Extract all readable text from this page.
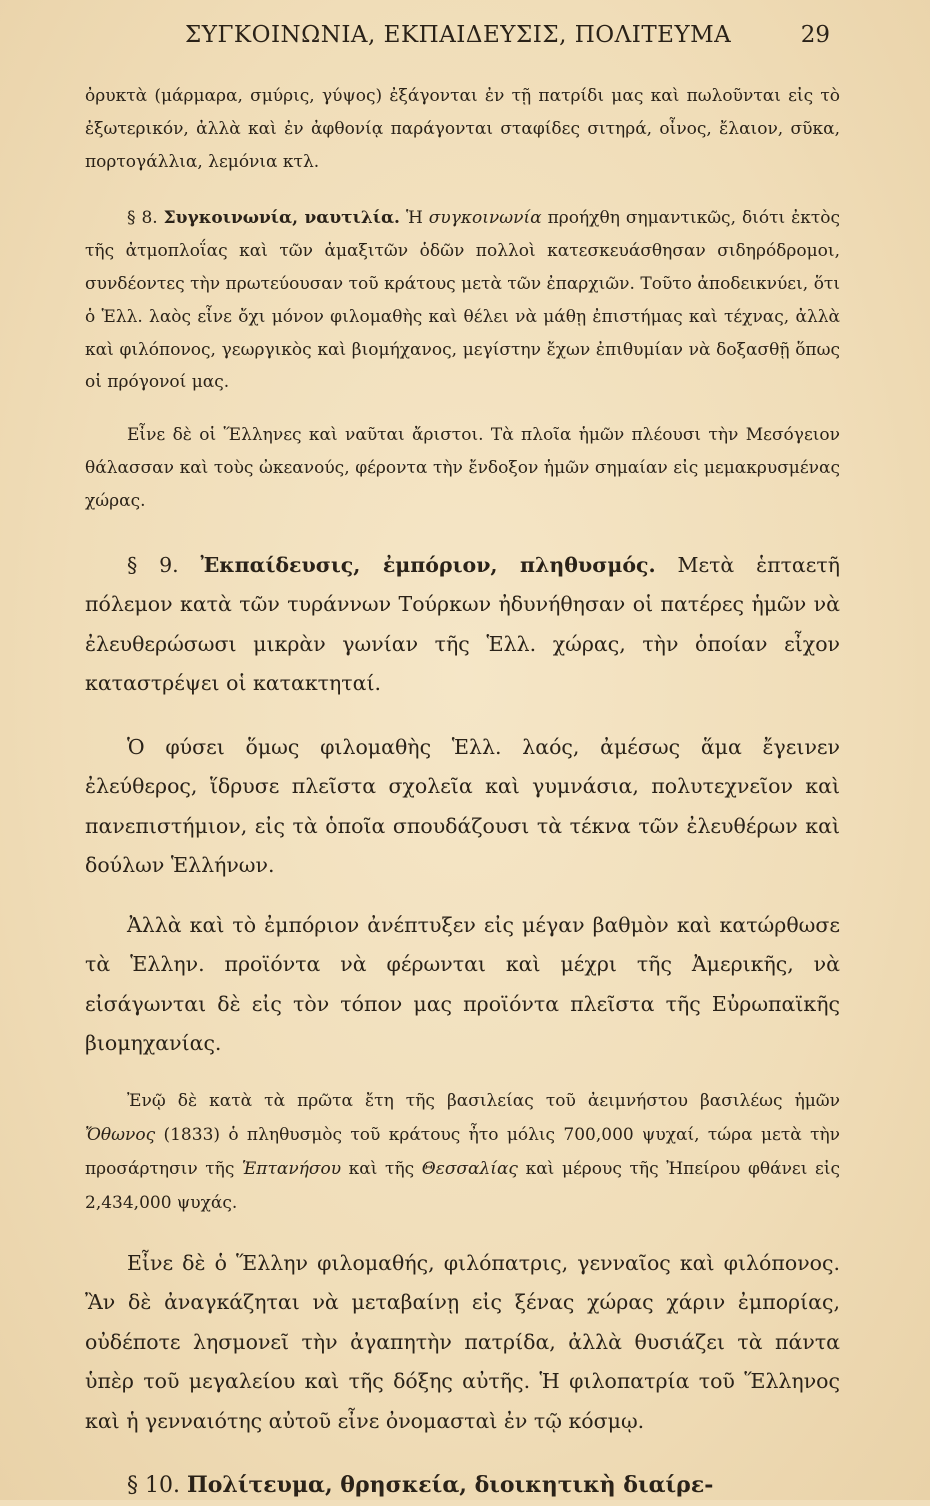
ΣΥΓΚΟΙΝΩΝΙΑ, ΕΚΠΑΙΔΕΥΣΙΣ, ΠΟΛΙΤΕΥΜΑ	29

ὀρυκτὰ (μάρμαρα, σμύρις, γύψος) ἐξάγονται ἐν τῇ πατρίδι μας καὶ πωλοῦνται εἰς τὸ ἐξωτερικόν, ἀλλὰ καὶ ἐν ἀφθονίᾳ παράγονται σταφίδες σιτηρά, οἶνος, ἔλαιον, σῦκα, πορτογάλλια, λεμόνια κτλ.

§ 8. Συγκοινωνία, ναυτιλία. Ἡ συγκοινωνία προήχθη σημαντικῶς, διότι ἐκτὸς τῆς ἀτμοπλοΐας καὶ τῶν ἁμαξιτῶν ὁδῶν πολλοὶ κατεσκευάσθησαν σιδηρόδρομοι, συνδέοντες τὴν πρωτεύουσαν τοῦ κράτους μετὰ τῶν ἐπαρχιῶν. Τοῦτο ἀποδεικνύει, ὅτι ὁ Ἑλλ. λαὸς εἶνε ὄχι μόνον φιλομαθὴς καὶ θέλει νὰ μάθῃ ἐπιστήμας καὶ τέχνας, ἀλλὰ καὶ φιλόπονος, γεωργικὸς καὶ βιομήχανος, μεγίστην ἔχων ἐπιθυμίαν νὰ δοξασθῇ ὅπως οἱ πρόγονοί μας.

Εἶνε δὲ οἱ Ἕλληνες καὶ ναῦται ἄριστοι. Τὰ πλοῖα ἡμῶν πλέουσι τὴν Μεσόγειον θάλασσαν καὶ τοὺς ὠκεανούς, φέροντα τὴν ἔνδοξον ἡμῶν σημαίαν εἰς μεμακρυσμένας χώρας.

§ 9. Ἐκπαίδευσις, ἐμπόριον, πληθυσμός. Μετὰ ἑπταετῆ πόλεμον κατὰ τῶν τυράννων Τούρκων ἠδυνήθησαν οἱ πατέρες ἡμῶν νὰ ἐλευθερώσωσι μικρὰν γωνίαν τῆς Ἑλλ. χώρας, τὴν ὁποίαν εἶχον καταστρέψει οἱ κατακτηταί.

Ὁ φύσει ὅμως φιλομαθὴς Ἑλλ. λαός, ἀμέσως ἅμα ἔγεινεν ἐλεύθερος, ἵδρυσε πλεῖστα σχολεῖα καὶ γυμνάσια, πολυτεχνεῖον καὶ πανεπιστήμιον, εἰς τὰ ὁποῖα σπουδάζουσι τὰ τέκνα τῶν ἐλευθέρων καὶ δούλων Ἑλλήνων.

Ἀλλὰ καὶ τὸ ἐμπόριον ἀνέπτυξεν εἰς μέγαν βαθμὸν καὶ κατώρθωσε τὰ Ἑλλην. προϊόντα νὰ φέρωνται καὶ μέχρι τῆς Ἀμερικῆς, νὰ εἰσάγωνται δὲ εἰς τὸν τόπον μας προϊόντα πλεῖστα τῆς Εὐρωπαϊκῆς βιομηχανίας.

Ἐνῷ δὲ κατὰ τὰ πρῶτα ἔτη τῆς βασιλείας τοῦ ἀειμνήστου βασιλέως ἡμῶν Ὄθωνος (1833) ὁ πληθυσμὸς τοῦ κράτους ἦτο μόλις 700,000 ψυχαί, τώρα μετὰ τὴν προσάρτησιν τῆς Ἑπτανήσου καὶ τῆς Θεσσαλίας καὶ μέρους τῆς Ἠπείρου φθάνει εἰς 2,434,000 ψυχάς.

Εἶνε δὲ ὁ Ἕλλην φιλομαθής, φιλόπατρις, γενναῖος καὶ φιλόπονος. Ἂν δὲ ἀναγκάζηται νὰ μεταβαίνῃ εἰς ξένας χώρας χάριν ἐμπορίας, οὐδέποτε λησμονεῖ τὴν ἀγαπητὴν πατρίδα, ἀλλὰ θυσιάζει τὰ πάντα ὑπὲρ τοῦ μεγαλείου καὶ τῆς δόξης αὐτῆς. Ἡ φιλοπατρία τοῦ Ἕλληνος καὶ ἡ γενναιότης αὐτοῦ εἶνε ὀνομασταὶ ἐν τῷ κόσμῳ.

§ 10. Πολίτευμα, θρησκεία, διοικητικὴ διαίρε-
